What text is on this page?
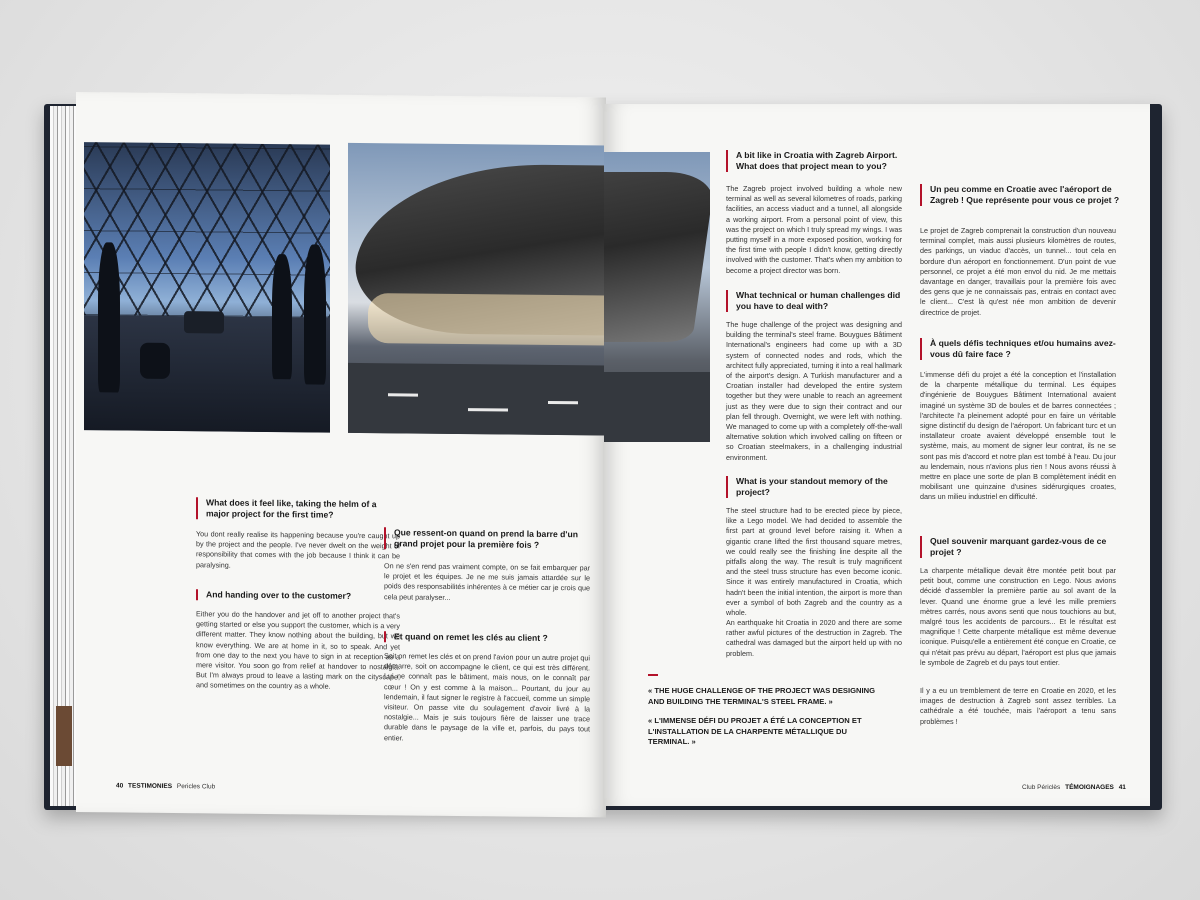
What does it feel like, taking the helm of a major project for the first time?
You dont really realise its happening because you're caught up by the project and the people. I've never dwelt on the weight of responsibility that comes with the job because I think it can be paralysing.
And handing over to the customer?
Either you do the handover and jet off to another project that's getting started or else you support the customer, which is a very different matter. They know nothing about the building, but we know everything. We are at home in it, so to speak. And yet from one day to the next you have to sign in at reception as a mere visitor. You soon go from relief at handover to nostalgia. But I'm always proud to leave a lasting mark on the cityscape, and sometimes on the country as a whole.
Que ressent-on quand on prend la barre d'un grand projet pour la première fois ?
On ne s'en rend pas vraiment compte, on se fait embarquer par le projet et les équipes. Je ne me suis jamais attardée sur le poids des responsabilités inhérentes à ce métier car je crois que cela peut paralyser...
Et quand on remet les clés au client ?
Soit on remet les clés et on prend l'avion pour un autre projet qui démarre, soit on accompagne le client, ce qui est très différent. Lui ne connaît pas le bâtiment, mais nous, on le connaît par cœur ! On y est comme à la maison... Pourtant, du jour au lendemain, il faut signer le registre à l'accueil, comme un simple visiteur. On passe vite du soulagement d'avoir livré à la nostalgie... Mais je suis toujours fière de laisser une trace durable dans le paysage de la ville et, parfois, du pays tout entier.
40 TESTIMONIES Pericles Club
A bit like in Croatia with Zagreb Airport. What does that project mean to you?
The Zagreb project involved building a whole new terminal as well as several kilometres of roads, parking facilities, an access viaduct and a tunnel, all alongside a working airport. From a personal point of view, this was the project on which I truly spread my wings. I was putting myself in a more exposed position, working for the first time with people I didn't know, getting directly involved with the customer. That's when my ambition to become a project director was born.
What technical or human challenges did you have to deal with?
The huge challenge of the project was designing and building the terminal's steel frame. Bouygues Bâtiment International's engineers had come up with a 3D system of connected nodes and rods, which the architect fully appreciated, turning it into a real hallmark of the airport's design. A Turkish manufacturer and a Croatian installer had developed the entire system together but they were unable to reach an agreement just as they were due to sign their contract and our plan fell through. Overnight, we were left with nothing. We managed to come up with a completely off-the-wall alternative solution which involved calling on fifteen or so Croatian steelmakers, in a challenging industrial environment.
What is your standout memory of the project?
The steel structure had to be erected piece by piece, like a Lego model. We had decided to assemble the first part at ground level before raising it. When a gigantic crane lifted the first thousand square metres, we could really see the finishing line despite all the pitfalls along the way. The result is truly magnificent and the steel truss structure has even become iconic. Since it was entirely manufactured in Croatia, which hadn't been the initial intention, the airport is more than ever a symbol of both Zagreb and the country as a whole.
An earthquake hit Croatia in 2020 and there are some rather awful pictures of the destruction in Zagreb. The cathedral was damaged but the airport held up with no problem.
« THE HUGE CHALLENGE OF THE PROJECT WAS DESIGNING AND BUILDING THE TERMINAL'S STEEL FRAME. »
« L'IMMENSE DÉFI DU PROJET A ÉTÉ LA CONCEPTION ET L'INSTALLATION DE LA CHARPENTE MÉTALLIQUE DU TERMINAL. »
Un peu comme en Croatie avec l'aéroport de Zagreb ! Que représente pour vous ce projet ?
Le projet de Zagreb comprenait la construction d'un nouveau terminal complet, mais aussi plusieurs kilomètres de routes, des parkings, un viaduc d'accès, un tunnel... tout cela en bordure d'un aéroport en fonctionnement. D'un point de vue personnel, ce projet a été mon envol du nid. Je me mettais davantage en danger, travaillais pour la première fois avec des gens que je ne connaissais pas, entrais en contact avec le client... C'est là qu'est née mon ambition de devenir directrice de projet.
À quels défis techniques et/ou humains avez-vous dû faire face ?
L'immense défi du projet a été la conception et l'installation de la charpente métallique du terminal. Les équipes d'ingénierie de Bouygues Bâtiment International avaient imaginé un système 3D de boules et de barres connectées ; l'architecte l'a pleinement adopté pour en faire un véritable signe distinctif du design de l'aéroport. Un fabricant turc et un installateur croate avaient développé ensemble tout le système, mais, au moment de signer leur contrat, ils ne se sont pas mis d'accord et notre plan est tombé à l'eau. Du jour au lendemain, nous n'avions plus rien ! Nous avons réussi à mettre en place une sorte de plan B complètement inédit en mobilisant une quinzaine d'usines sidérurgiques croates, dans un milieu industriel en difficulté.
Quel souvenir marquant gardez-vous de ce projet ?
La charpente métallique devait être montée petit bout par petit bout, comme une construction en Lego. Nous avions décidé d'assembler la première partie au sol avant de la lever. Quand une énorme grue a levé les mille premiers mètres carrés, nous avons senti que nous touchions au but, malgré tous les accidents de parcours... Et le résultat est magnifique ! Cette charpente métallique est même devenue iconique. Puisqu'elle a entièrement été conçue en Croatie, ce qui n'était pas prévu au départ, l'aéroport est plus que jamais le symbole de Zagreb et du pays tout entier.
Il y a eu un tremblement de terre en Croatie en 2020, et les images de destruction à Zagreb sont assez terribles. La cathédrale a été touchée, mais l'aéroport a tenu sans problèmes !
Club Périclès TÉMOIGNAGES 41
